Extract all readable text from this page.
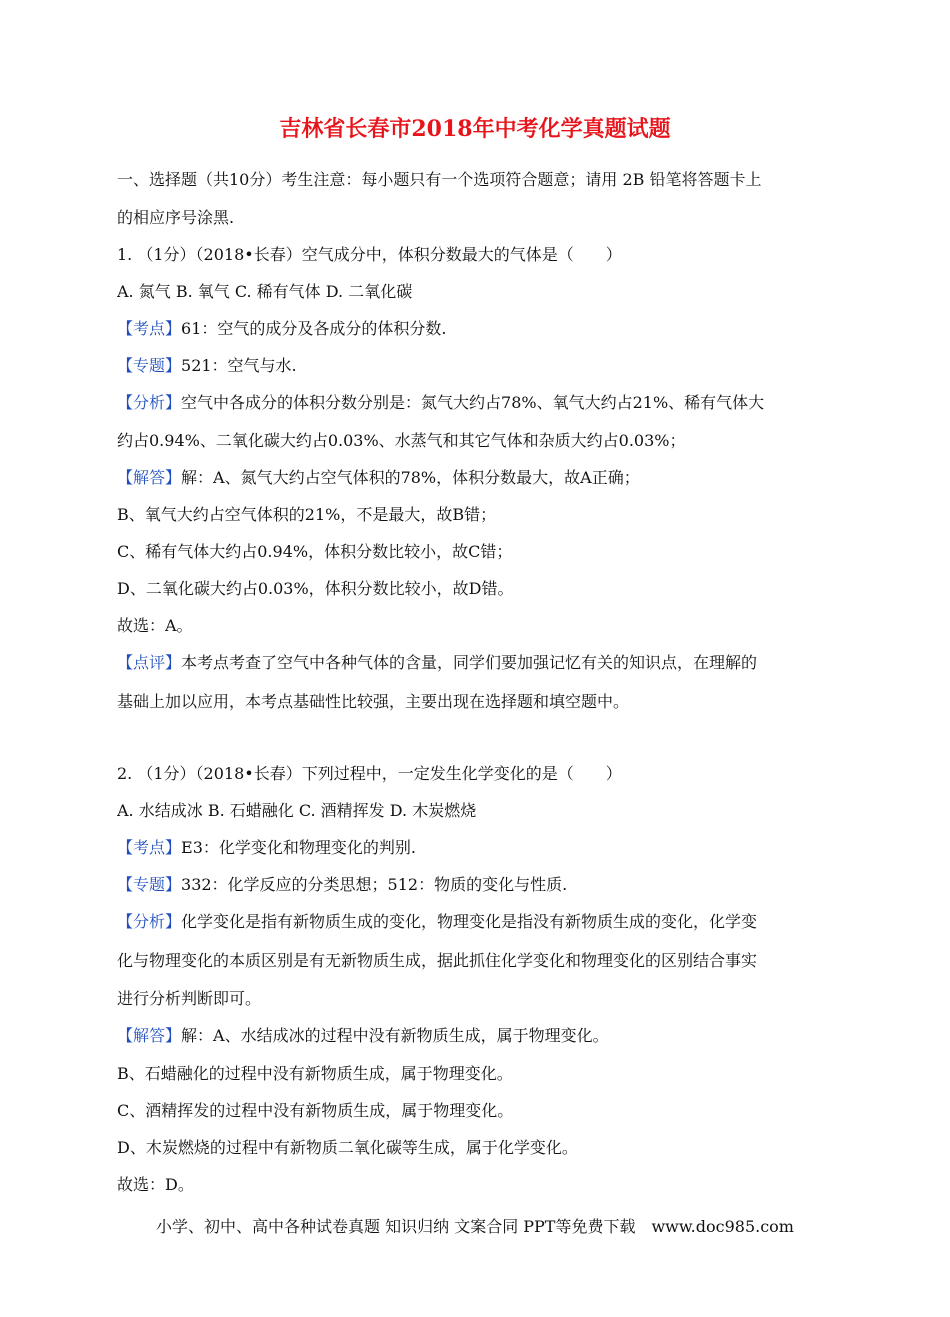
吉林省长春市2018年中考化学真题试题
一、选择题（共10分）考生注意：每小题只有一个选项符合题意；请用 2B 铅笔将答题卡上
的相应序号涂黑.
1. （1分）（2018•长春）空气成分中，体积分数最大的气体是（　　）
A. 氮气 B. 氧气 C. 稀有气体 D. 二氧化碳
【考点】61：空气的成分及各成分的体积分数.
【专题】521：空气与水.
【分析】空气中各成分的体积分数分别是：氮气大约占78%、氧气大约占21%、稀有气体大
约占0.94%、二氧化碳大约占0.03%、水蒸气和其它气体和杂质大约占0.03%；
【解答】解：A、氮气大约占空气体积的78%，体积分数最大，故A正确；
B、氧气大约占空气体积的21%，不是最大，故B错；
C、稀有气体大约占0.94%，体积分数比较小，故C错；
D、二氧化碳大约占0.03%，体积分数比较小，故D错。
故选：A。
【点评】本考点考查了空气中各种气体的含量，同学们要加强记忆有关的知识点，在理解的
基础上加以应用，本考点基础性比较强，主要出现在选择题和填空题中。
2. （1分）（2018•长春）下列过程中，一定发生化学变化的是（　　）
A. 水结成冰 B. 石蜡融化 C. 酒精挥发 D. 木炭燃烧
【考点】E3：化学变化和物理变化的判别.
【专题】332：化学反应的分类思想；512：物质的变化与性质.
【分析】化学变化是指有新物质生成的变化，物理变化是指没有新物质生成的变化，化学变
化与物理变化的本质区别是有无新物质生成，据此抓住化学变化和物理变化的区别结合事实
进行分析判断即可。
【解答】解：A、水结成冰的过程中没有新物质生成，属于物理变化。
B、石蜡融化的过程中没有新物质生成，属于物理变化。
C、酒精挥发的过程中没有新物质生成，属于物理变化。
D、木炭燃烧的过程中有新物质二氧化碳等生成，属于化学变化。
故选：D。
小学、初中、高中各种试卷真题 知识归纳 文案合同 PPT等免费下载　www.doc985.com
